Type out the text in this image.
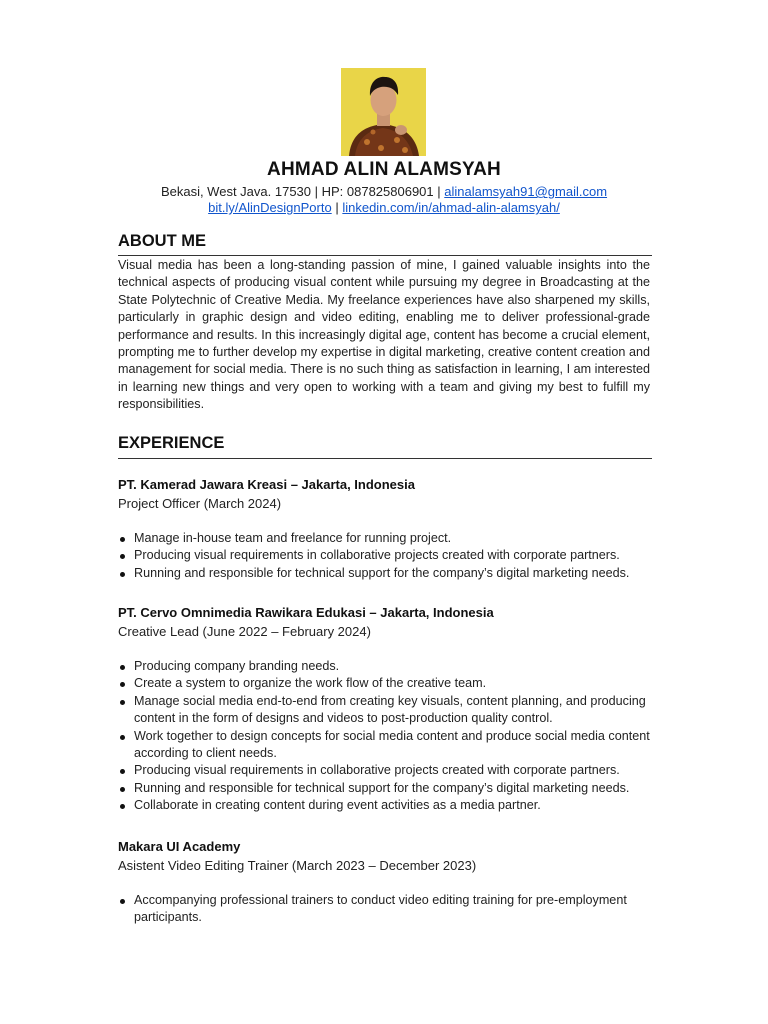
AHMAD ALIN ALAMSYAH
Bekasi, West Java. 17530 | HP: 087825806901 | alinalamsyah91@gmail.com
bit.ly/AlinDesignPorto | linkedin.com/in/ahmad-alin-alamsyah/
ABOUT ME
Visual media has been a long-standing passion of mine, I gained valuable insights into the technical aspects of producing visual content while pursuing my degree in Broadcasting at the State Polytechnic of Creative Media. My freelance experiences have also sharpened my skills, particularly in graphic design and video editing, enabling me to deliver professional-grade performance and results. In this increasingly digital age, content has become a crucial element, prompting me to further develop my expertise in digital marketing, creative content creation and management for social media. There is no such thing as satisfaction in learning, I am interested in learning new things and very open to working with a team and giving my best to fulfill my responsibilities.
EXPERIENCE
PT. Kamerad Jawara Kreasi – Jakarta, Indonesia
Project Officer (March 2024)
Manage in-house team and freelance for running project.
Producing visual requirements in collaborative projects created with corporate partners.
Running and responsible for technical support for the company’s digital marketing needs.
PT. Cervo Omnimedia Rawikara Edukasi – Jakarta, Indonesia
Creative Lead (June 2022 – February 2024)
Producing company branding needs.
Create a system to organize the work flow of the creative team.
Manage social media end-to-end from creating key visuals, content planning, and producing content in the form of designs and videos to post-production quality control.
Work together to design concepts for social media content and produce social media content according to client needs.
Producing visual requirements in collaborative projects created with corporate partners.
Running and responsible for technical support for the company’s digital marketing needs.
Collaborate in creating content during event activities as a media partner.
Makara UI Academy
Asistent Video Editing Trainer (March 2023 – December 2023)
Accompanying professional trainers to conduct video editing training for pre-employment participants.
